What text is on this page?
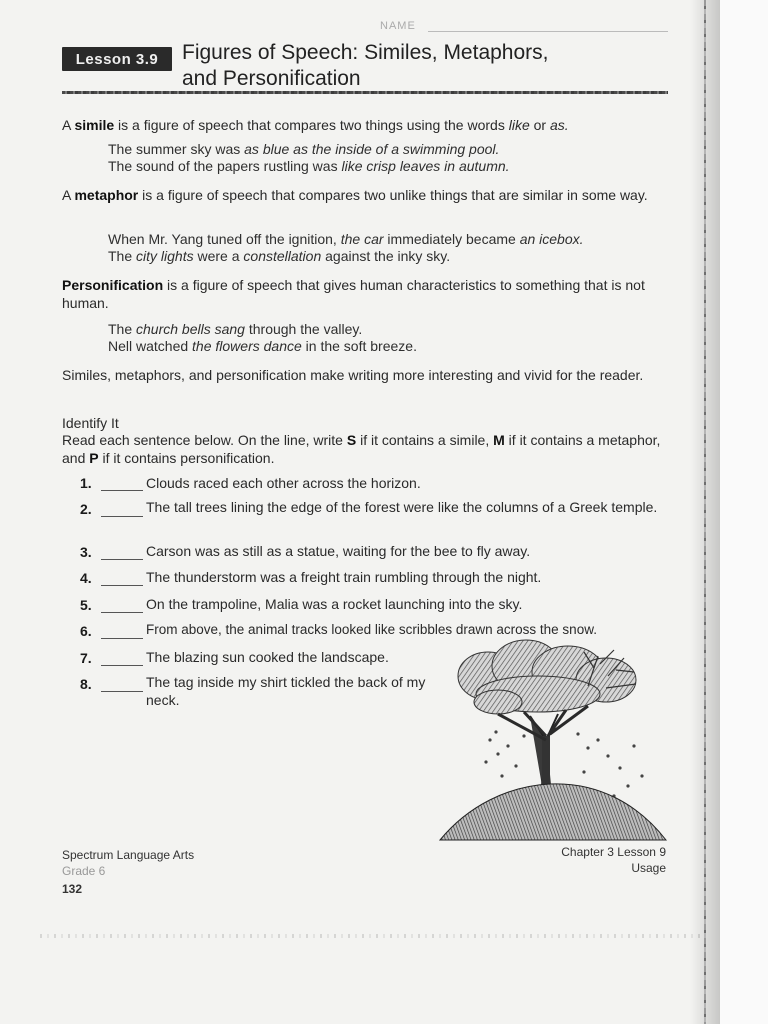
NAME
Lesson 3.9	Figures of Speech: Similes, Metaphors,
and Personification
A simile is a figure of speech that compares two things using the words like or as.
The summer sky was as blue as the inside of a swimming pool.
The sound of the papers rustling was like crisp leaves in autumn.
A metaphor is a figure of speech that compares two unlike things that are similar in some way.
When Mr. Yang tuned off the ignition, the car immediately became an icebox.
The city lights were a constellation against the inky sky.
Personification is a figure of speech that gives human characteristics to something that is not human.
The church bells sang through the valley.
Nell watched the flowers dance in the soft breeze.
Similes, metaphors, and personification make writing more interesting and vivid for the reader.
Identify It
Read each sentence below. On the line, write S if it contains a simile, M if it contains a metaphor, and P if it contains personification.
1.	Clouds raced each other across the horizon.
2.	The tall trees lining the edge of the forest were like the columns of a Greek temple.
3.	Carson was as still as a statue, waiting for the bee to fly away.
4.	The thunderstorm was a freight train rumbling through the night.
5.	On the trampoline, Malia was a rocket launching into the sky.
6.	From above, the animal tracks looked like scribbles drawn across the snow.
7.	The blazing sun cooked the landscape.
8.	The tag inside my shirt tickled the back of my neck.
Spectrum Language Arts
Grade 6
132
Chapter 3 Lesson 9
Usage
